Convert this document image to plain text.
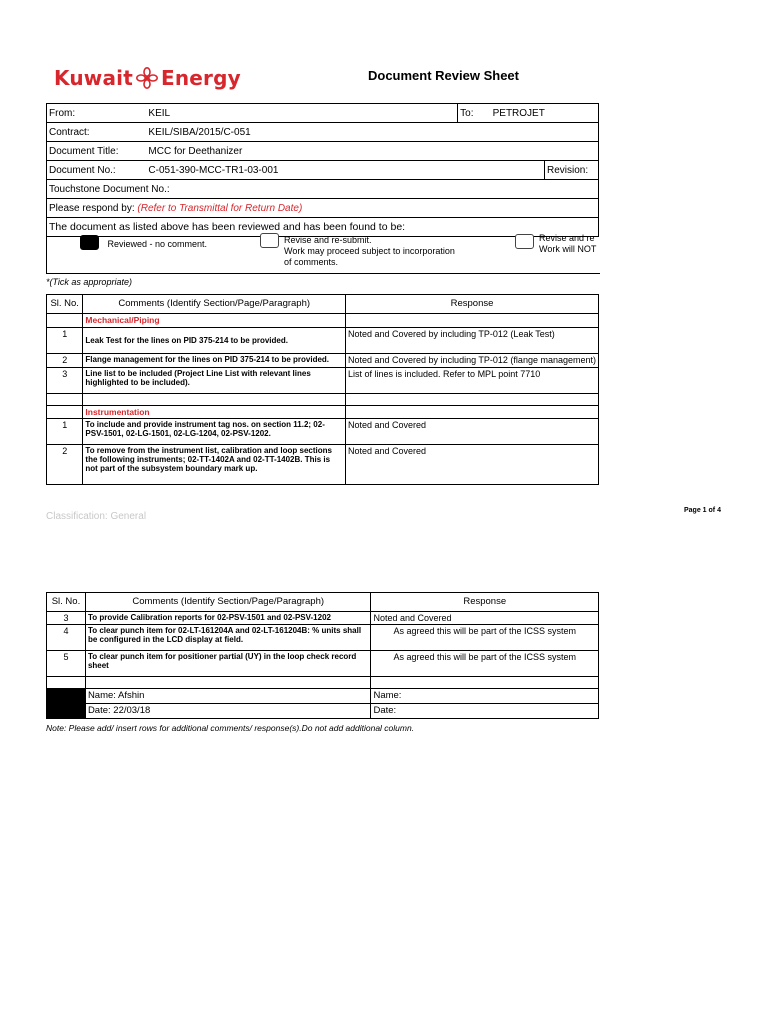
Kuwait Energy	Document Review Sheet
From:	KEIL	To:	PETROJET	
Contract:	KEIL/SIBA/2015/C-051			
Document Title:	MCC for Deethanizer			
Document No.:	C-051-390-MCC-TR1-03-001			Revision:
Touchstone Document No.:				
Please respond by: (Refer to Transmittal for Return Date)				
The document as listed above has been reviewed and has been found to be:				
Reviewed - no comment.	Revise and re-submit.
Work may proceed subject to incorporation
of comments.
Revise and re
Work will NOT
*(Tick as appropriate)
Sl. No.	Comments (Identify Section/Page/Paragraph)	Response
	Mechanical/Piping	
1	Leak Test for the lines on PID 375-214 to be provided.	Noted and Covered by including TP-012 (Leak Test)
2	Flange management for the lines on PID 375-214 to be provided.	Noted and Covered by including TP-012 (flange management)
3	Line list to be included (Project Line List with relevant lines highlighted to be included).	List of lines is included. Refer to MPL point 7710

	Instrumentation	
1	To include and provide instrument tag nos. on section 11.2; 02-PSV-1501, 02-LG-1501, 02-LG-1204, 02-PSV-1202.	Noted and Covered
2	To remove from the instrument list, calibration and loop sections the following instruments; 02-TT-1402A and 02-TT-1402B. This is not part of the subsystem boundary mark up.	Noted and Covered
Classification: General
Page 1 of 4
Sl. No.	Comments (Identify Section/Page/Paragraph)	Response
3	To provide Calibration reports for 02-PSV-1501 and 02-PSV-1202	Noted and Covered
4	To clear punch item for 02-LT-161204A and 02-LT-161204B: % units shall be configured in the LCD display at field.	As agreed this will be part of the ICSS system
5	To clear punch item for positioner partial (UY) in the loop check record sheet	As agreed this will be part of the ICSS system

	Name: Afshin	Name:
	Date: 22/03/18	Date:
Note: Please add/ insert rows for additional comments/ response(s).Do not add additional column.
